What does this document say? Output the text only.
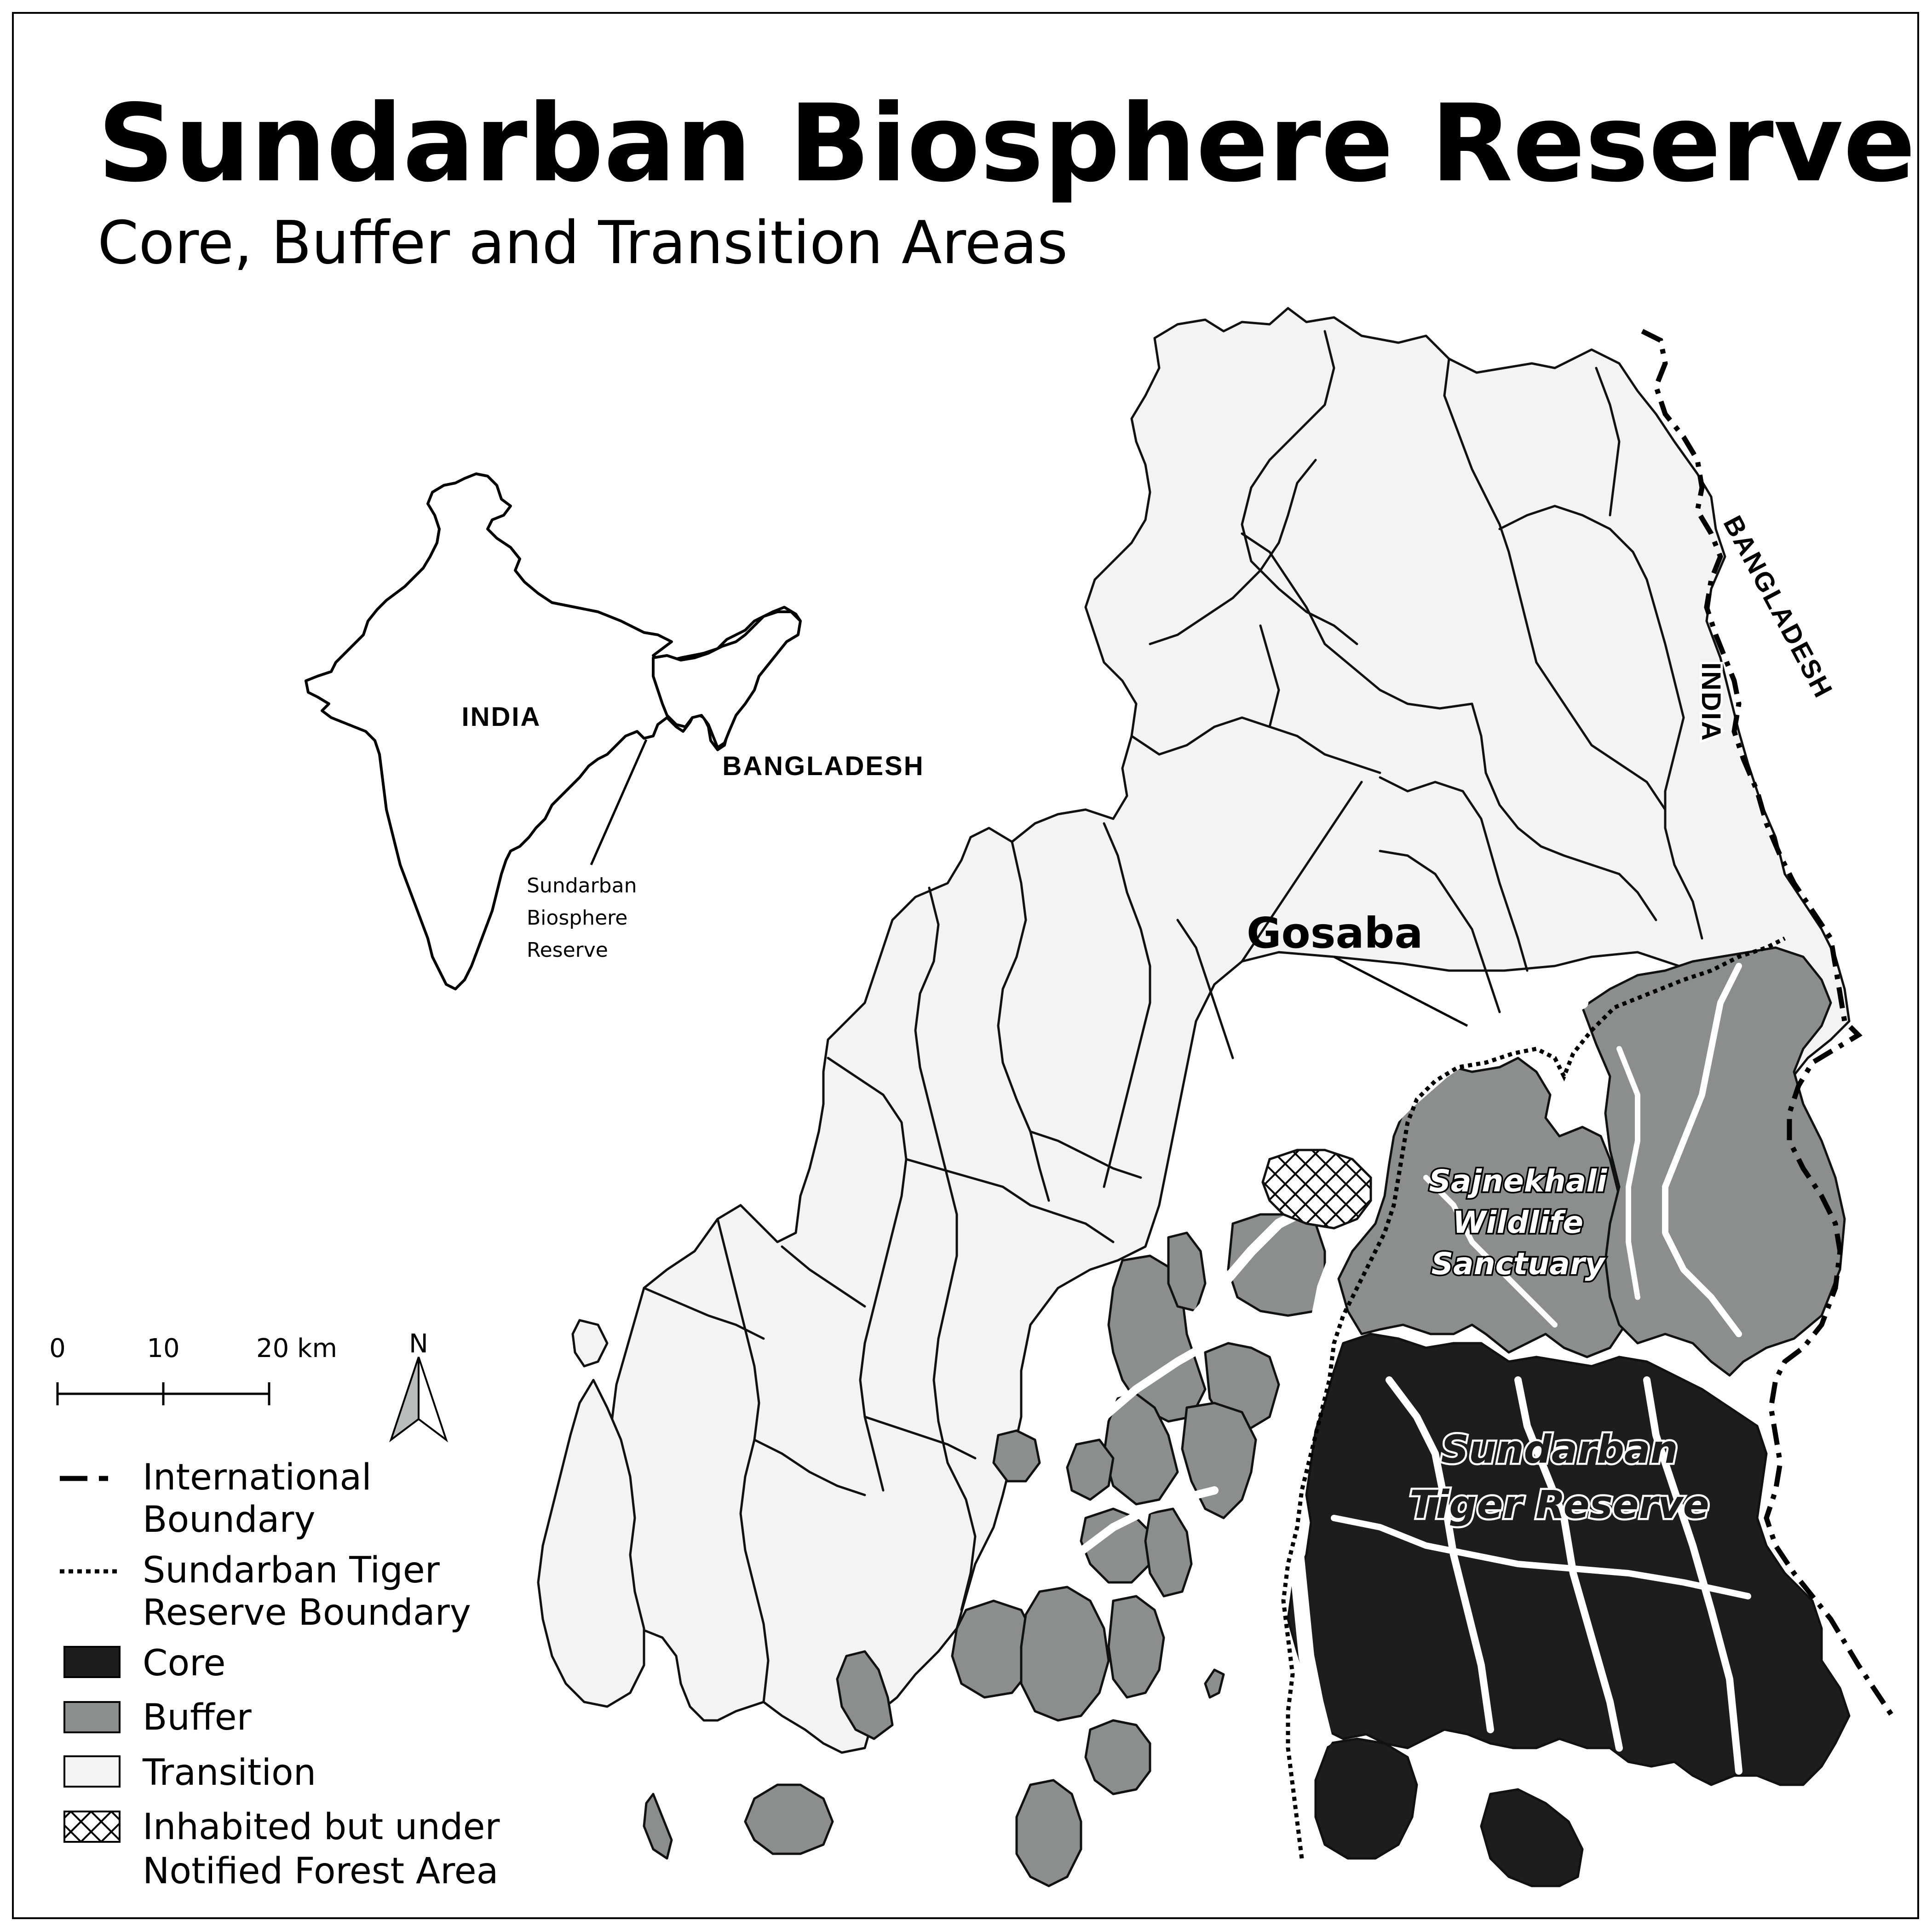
Sundarban Biosphere Reserve
Core, Buffer and Transition Areas
Gosaba
Sajnekhali
Wildlife
Sanctuary
Sundarban
Tiger Reserve
INDIA
BANGLADESH
INDIA
BANGLADESH
Sundarban
Biosphere
Reserve
0	10	20 km	N
International
Boundary
Sundarban Tiger
Reserve Boundary
Core
Buffer
Transition
Inhabited but under
Notified Forest Area
